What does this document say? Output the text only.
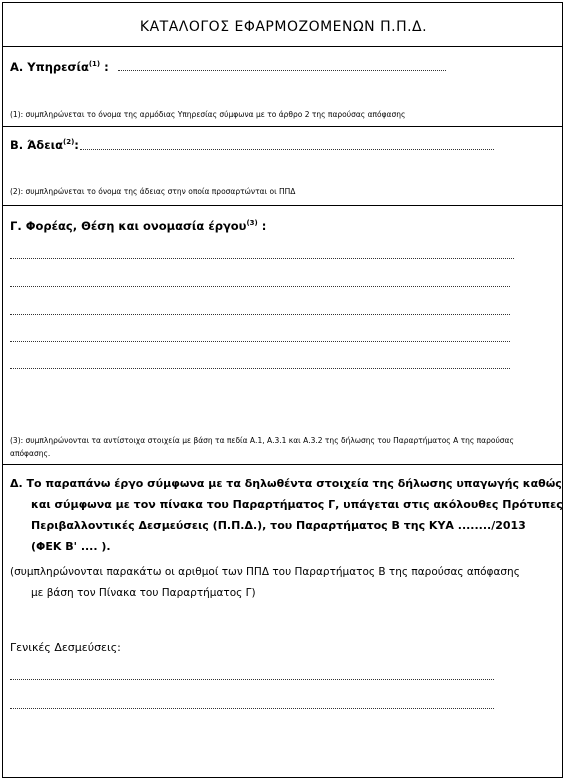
ΚΑΤΑΛΟΓΟΣ ΕΦΑΡΜΟΖΟΜΕΝΩΝ Π.Π.Δ.
Α. Υπηρεσία$^{(1)}$ :
(1): συμπληρώνεται το όνομα της αρμόδιας Υπηρεσίας σύμφωνα με το άρθρο 2 της παρούσας απόφασης
Β. Άδεια$^{(2)}$:
(2): συμπληρώνεται το όνομα της άδειας στην οποία προσαρτώνται οι ΠΠΔ
Γ. Φορέας, Θέση και ονομασία έργου$^{(3)}$ :
(3): συμπληρώνονται τα αντίστοιχα στοιχεία με βάση τα πεδία Α.1, Α.3.1 και Α.3.2 της δήλωσης του Παραρτήματος Α της παρούσας
απόφασης.
Δ. Το παραπάνω έργο σύμφωνα με τα δηλωθέντα στοιχεία της δήλωσης υπαγωγής καθώς
και σύμφωνα με τον πίνακα του Παραρτήματος Γ, υπάγεται στις ακόλουθες Πρότυπες
Περιβαλλοντικές Δεσμεύσεις (Π.Π.Δ.), του Παραρτήματος Β της ΚΥΑ ......../2013
(ΦΕΚ Β' .... ).
(συμπληρώνονται παρακάτω οι αριθμοί των ΠΠΔ του Παραρτήματος Β της παρούσας απόφασης
με βάση τον Πίνακα του Παραρτήματος Γ)
Γενικές Δεσμεύσεις:
